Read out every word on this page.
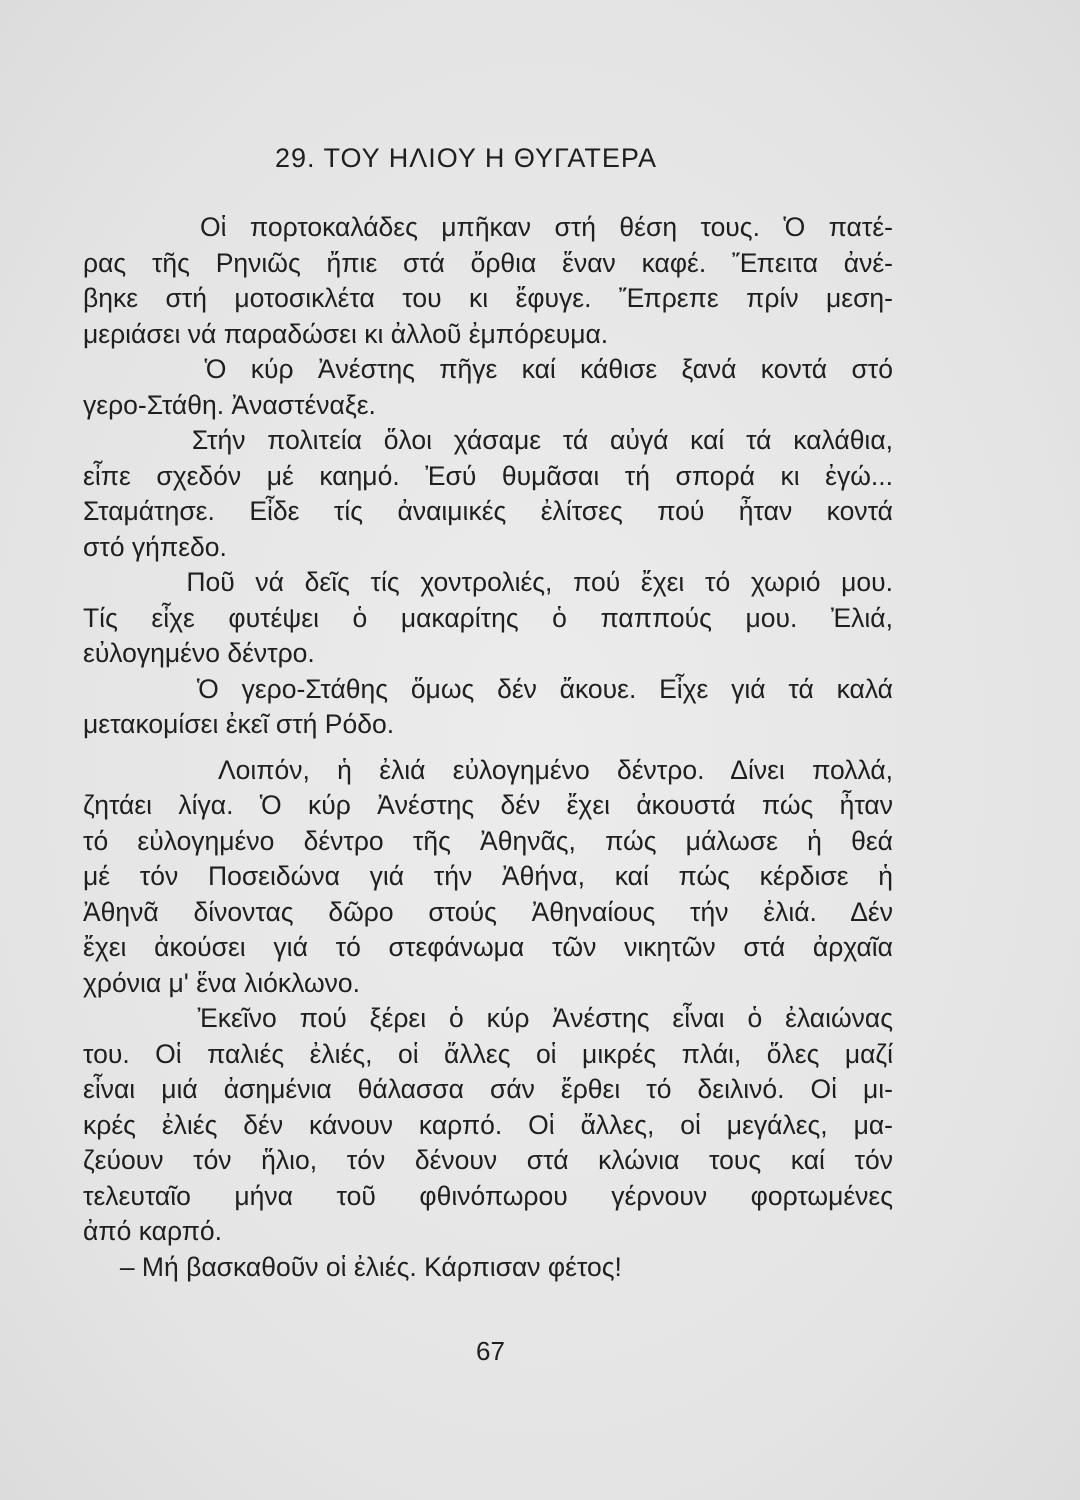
29. ΤΟΥ ΗΛΙΟΥ Η ΘΥΓΑΤΕΡΑ
Οἱ πορτοκαλάδες μπῆκαν στή θέση τους. Ὁ πατέ-
ρας τῆς Ρηνιῶς ἤπιε στά ὄρθια ἕναν καφέ. Ἔπειτα ἀνέ-
βηκε στή μοτοσικλέτα του κι ἔφυγε. Ἔπρεπε πρίν μεση-
μεριάσει νά παραδώσει κι ἀλλοῦ ἐμπόρευμα.
Ὁ κύρ Ἀνέστης πῆγε καί κάθισε ξανά κοντά στό
γερο-Στάθη. Ἀναστέναξε.
Στήν πολιτεία ὅλοι χάσαμε τά αὐγά καί τά καλάθια,
εἶπε σχεδόν μέ καημό. Ἐσύ θυμᾶσαι τή σπορά κι ἐγώ...
Σταμάτησε. Εἶδε τίς ἀναιμικές ἐλίτσες πού ἦταν κοντά
στό γήπεδο.
Ποῦ νά δεῖς τίς χοντρολιές, πού ἔχει τό χωριό μου.
Τίς εἶχε φυτέψει ὁ μακαρίτης ὁ παππούς μου. Ἐλιά,
εὐλογημένο δέντρο.
Ὁ γερο-Στάθης ὅμως δέν ἄκουε. Εἶχε γιά τά καλά
μετακομίσει ἐκεῖ στή Ρόδο.
Λοιπόν, ἡ ἐλιά εὐλογημένο δέντρο. Δίνει πολλά,
ζητάει λίγα. Ὁ κύρ Ἀνέστης δέν ἔχει ἀκουστά πώς ἦταν
τό εὐλογημένο δέντρο τῆς Ἀθηνᾶς, πώς μάλωσε ἡ θεά
μέ τόν Ποσειδώνα γιά τήν Ἀθήνα, καί πώς κέρδισε ἡ
Ἀθηνᾶ δίνοντας δῶρο στούς Ἀθηναίους τήν ἐλιά. Δέν
ἔχει ἀκούσει γιά τό στεφάνωμα τῶν νικητῶν στά ἀρχαῖα
χρόνια μ' ἕνα λιόκλωνο.
Ἐκεῖνο πού ξέρει ὁ κύρ Ἀνέστης εἶναι ὁ ἐλαιώνας
του. Οἱ παλιές ἐλιές, οἱ ἄλλες οἱ μικρές πλάι, ὅλες μαζί
εἶναι μιά ἀσημένια θάλασσα σάν ἔρθει τό δειλινό. Οἱ μι-
κρές ἐλιές δέν κάνουν καρπό. Οἱ ἄλλες, οἱ μεγάλες, μα-
ζεύουν τόν ἥλιο, τόν δένουν στά κλώνια τους καί τόν
τελευταῖο μήνα τοῦ φθινόπωρου γέρνουν φορτωμένες
ἀπό καρπό.
– Μή βασκαθοῦν οἱ ἐλιές. Κάρπισαν φέτος!
67
